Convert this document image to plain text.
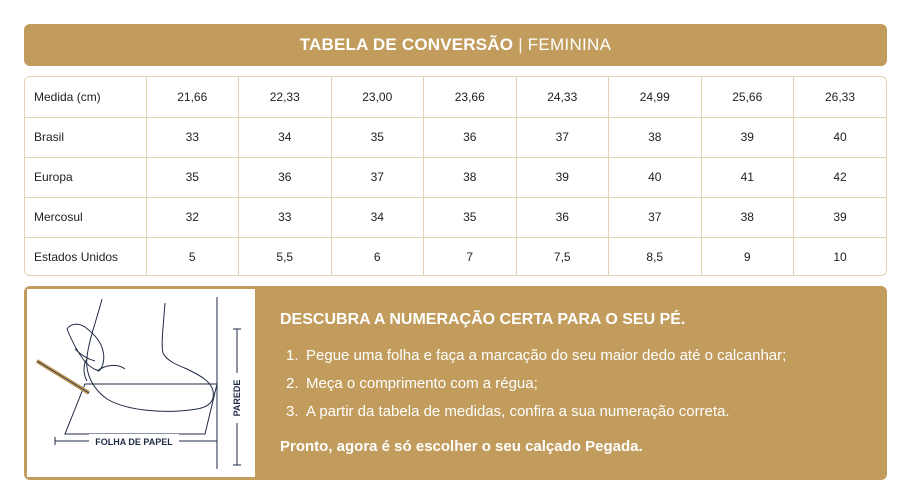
TABELA DE CONVERSÃO | FEMININA
Medida (cm)	21,66	22,33	23,00	23,66	24,33	24,99	25,66	26,33
Brasil	33	34	35	36	37	38	39	40
Europa	35	36	37	38	39	40	41	42
Mercosul	32	33	34	35	36	37	38	39
Estados Unidos	5	5,5	6	7	7,5	8,5	9	10
FOLHA DE PAPEL
PAREDE
DESCUBRA A NUMERAÇÃO CERTA PARA O SEU PÉ.
1. Pegue uma folha e faça a marcação do seu maior dedo até o calcanhar;
2. Meça o comprimento com a régua;
3. A partir da tabela de medidas, confira a sua numeração correta.
Pronto, agora é só escolher o seu calçado Pegada.
